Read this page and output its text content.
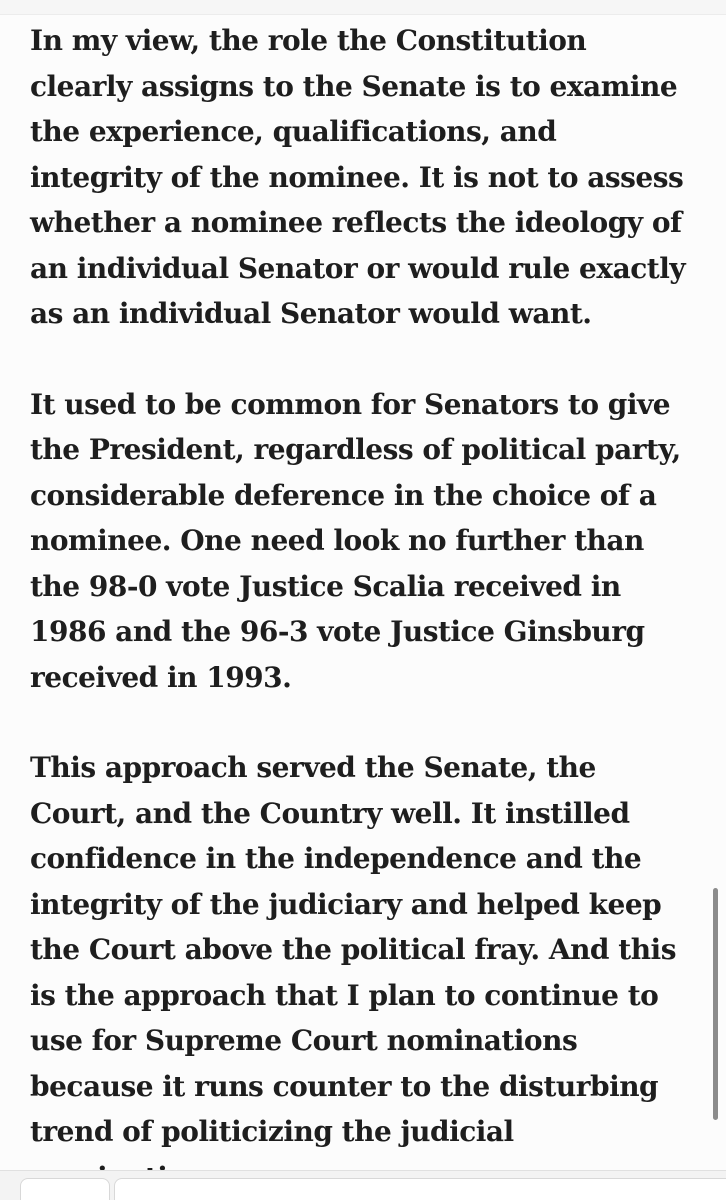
In my view, the role the Constitution
clearly assigns to the Senate is to examine
the experience, qualifications, and
integrity of the nominee. It is not to assess
whether a nominee reflects the ideology of
an individual Senator or would rule exactly
as an individual Senator would want.

It used to be common for Senators to give
the President, regardless of political party,
considerable deference in the choice of a
nominee. One need look no further than
the 98-0 vote Justice Scalia received in
1986 and the 96-3 vote Justice Ginsburg
received in 1993.

This approach served the Senate, the
Court, and the Country well. It instilled
confidence in the independence and the
integrity of the judiciary and helped keep
the Court above the political fray. And this
is the approach that I plan to continue to
use for Supreme Court nominations
because it runs counter to the disturbing
trend of politicizing the judicial
